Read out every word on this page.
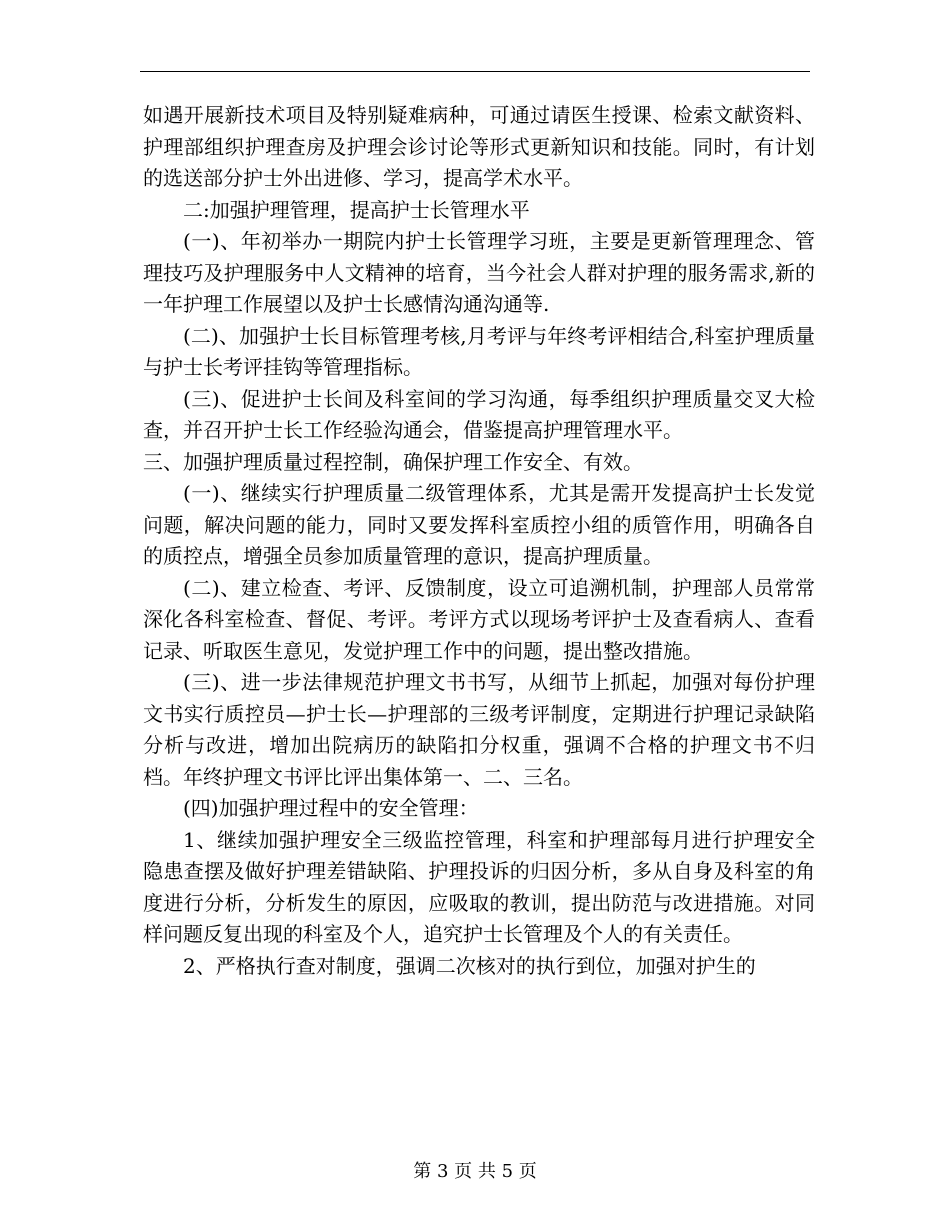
如遇开展新技术项目及特别疑难病种，可通过请医生授课、检索文献资料、护理部组织护理查房及护理会诊讨论等形式更新知识和技能。同时，有计划的选送部分护士外出进修、学习，提高学术水平。

二:加强护理管理，提高护士长管理水平

(一)、年初举办一期院内护士长管理学习班，主要是更新管理理念、管理技巧及护理服务中人文精神的培育，当今社会人群对护理的服务需求,新的一年护理工作展望以及护士长感情沟通沟通等.

(二)、加强护士长目标管理考核,月考评与年终考评相结合,科室护理质量与护士长考评挂钩等管理指标。

(三)、促进护士长间及科室间的学习沟通，每季组织护理质量交叉大检查，并召开护士长工作经验沟通会，借鉴提高护理管理水平。

三、加强护理质量过程控制，确保护理工作安全、有效。

(一)、继续实行护理质量二级管理体系，尤其是需开发提高护士长发觉问题，解决问题的能力，同时又要发挥科室质控小组的质管作用，明确各自的质控点，增强全员参加质量管理的意识，提高护理质量。

(二)、建立检查、考评、反馈制度，设立可追溯机制，护理部人员常常深化各科室检查、督促、考评。考评方式以现场考评护士及查看病人、查看记录、听取医生意见，发觉护理工作中的问题，提出整改措施。

(三)、进一步法律规范护理文书书写，从细节上抓起，加强对每份护理文书实行质控员—护士长—护理部的三级考评制度，定期进行护理记录缺陷分析与改进，增加出院病历的缺陷扣分权重，强调不合格的护理文书不归档。年终护理文书评比评出集体第一、二、三名。

(四)加强护理过程中的安全管理：

1、继续加强护理安全三级监控管理，科室和护理部每月进行护理安全隐患查摆及做好护理差错缺陷、护理投诉的归因分析，多从自身及科室的角度进行分析，分析发生的原因，应吸取的教训，提出防范与改进措施。对同样问题反复出现的科室及个人，追究护士长管理及个人的有关责任。

2、严格执行查对制度，强调二次核对的执行到位，加强对护生的

第 3 页 共 5 页
